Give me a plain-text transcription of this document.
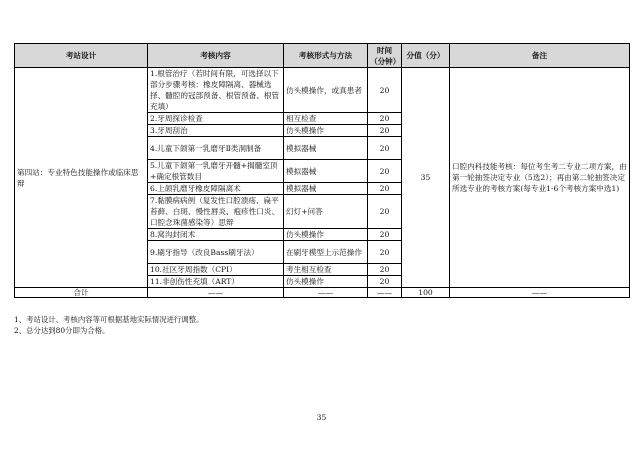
考站设计	考核内容	考核形式与方法	时间（分钟）	分值（分）	备注
第四站：专业特色技能操作或临床思辩	1.根管治疗（若时间有限，可选择以下部分步骤考核：橡皮障隔离、器械选择、髓腔的冠部预备、根管预备、根管充填）	仿头模操作，或真患者	20	35	口腔内科技能考核：每位考生考二专业二项方案，由第一轮抽签决定专业（5选2）；再由第二轮抽签决定所选专业的考核方案(每专业1-6个考核方案中选1)
	2.牙周探诊检查	相互检查	20		
	3.牙周刮治	仿头模操作	20		
	4.儿童下颌第一乳磨牙Ⅱ类洞制备	模拟器械	20		
	5.儿童下颌第一乳磨牙开髓+揭髓室顶+确定根管数目	模拟器械	20		
	6.上颌乳磨牙橡皮障隔离术	模拟器械	20		
	7.黏膜病病例（复发性口腔溃疡、扁平苔藓、白斑、慢性唇炎、疱疹性口炎、口腔念珠菌感染等）思辩	幻灯+问答	20		
	8.窝沟封闭术	仿头模操作	20		
	9.刷牙指导（改良Bass刷牙法）	在刷牙模型上示范操作	20		
	10.社区牙周指数（CPI）	考生相互检查	20		
	11.非创伤性充填（ART）	仿头模操作	20		
合计	——	——	——	100	——
1、考站设计、考核内容等可根据基地实际情况进行调整。
2、总分达到80分即为合格。
35
